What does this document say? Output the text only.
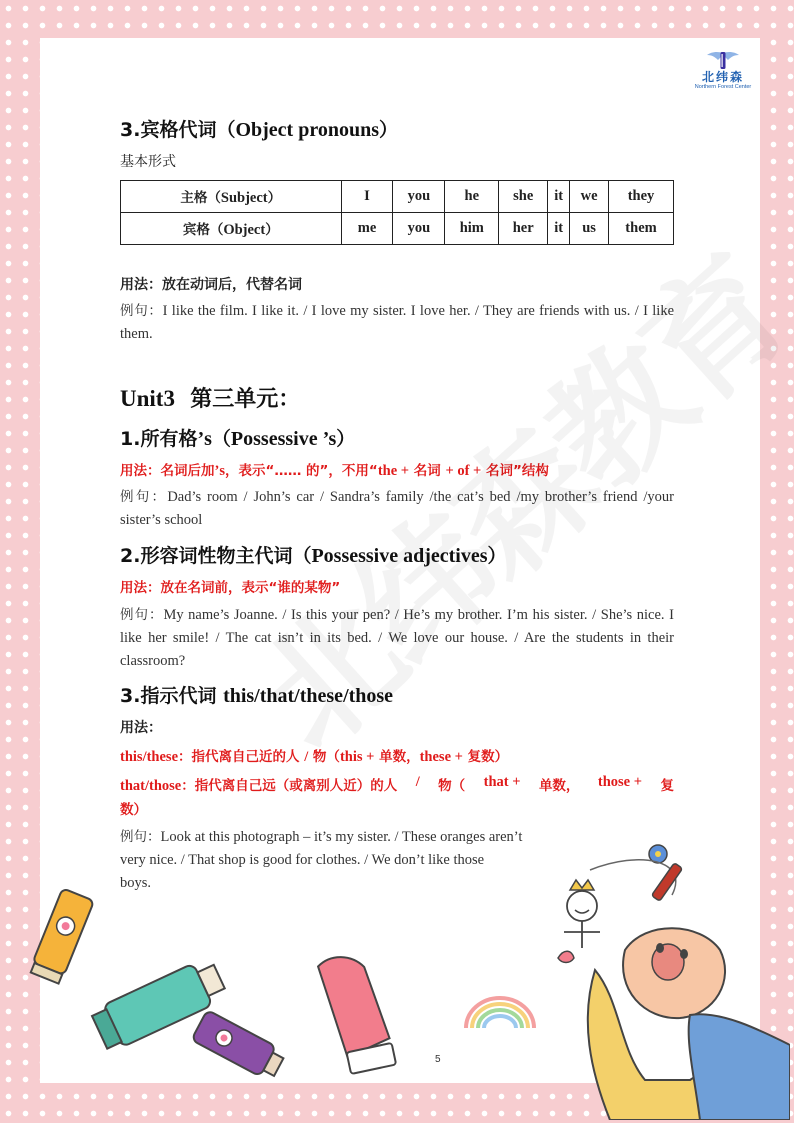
北纬森
Northern Forest Center
3.宾格代词（Object pronouns）
基本形式
主格（Subject）	I	you	he	she	it	we	they
宾格（Object）	me	you	him	her	it	us	them
用法：放在动词后，代替名词
例句：I like the film. I like it. / I love my sister. I love her. / They are friends with us. / I like them.
Unit3 第三单元：
1.所有格’s（Possessive ’s）
用法：名词后加’s，表示“…… 的”，不用“the + 名词 + of + 名词”结构
例句：Dad’s room / John’s car / Sandra’s family /the cat’s bed /my brother’s friend /your sister’s school
2.形容词性物主代词（Possessive adjectives）
用法：放在名词前，表示“谁的某物”
例句：My name’s Joanne. / Is this your pen? / He’s my brother. I’m his sister. / She’s nice. I like her smile! / The cat isn’t in its bed. / We love our house. / Are the students in their classroom?
3.指示代词 this/that/these/those
用法：
this/these：指代离自己近的人 / 物（this + 单数，these + 复数）
that/those：指代离自己远（或离别人近）的人 / 物（ that + 单数， those + 复
数）
例句：Look at this photograph – it’s my sister. / These oranges aren’t
very nice. / That shop is good for clothes. / We don’t like those
boys.
5
